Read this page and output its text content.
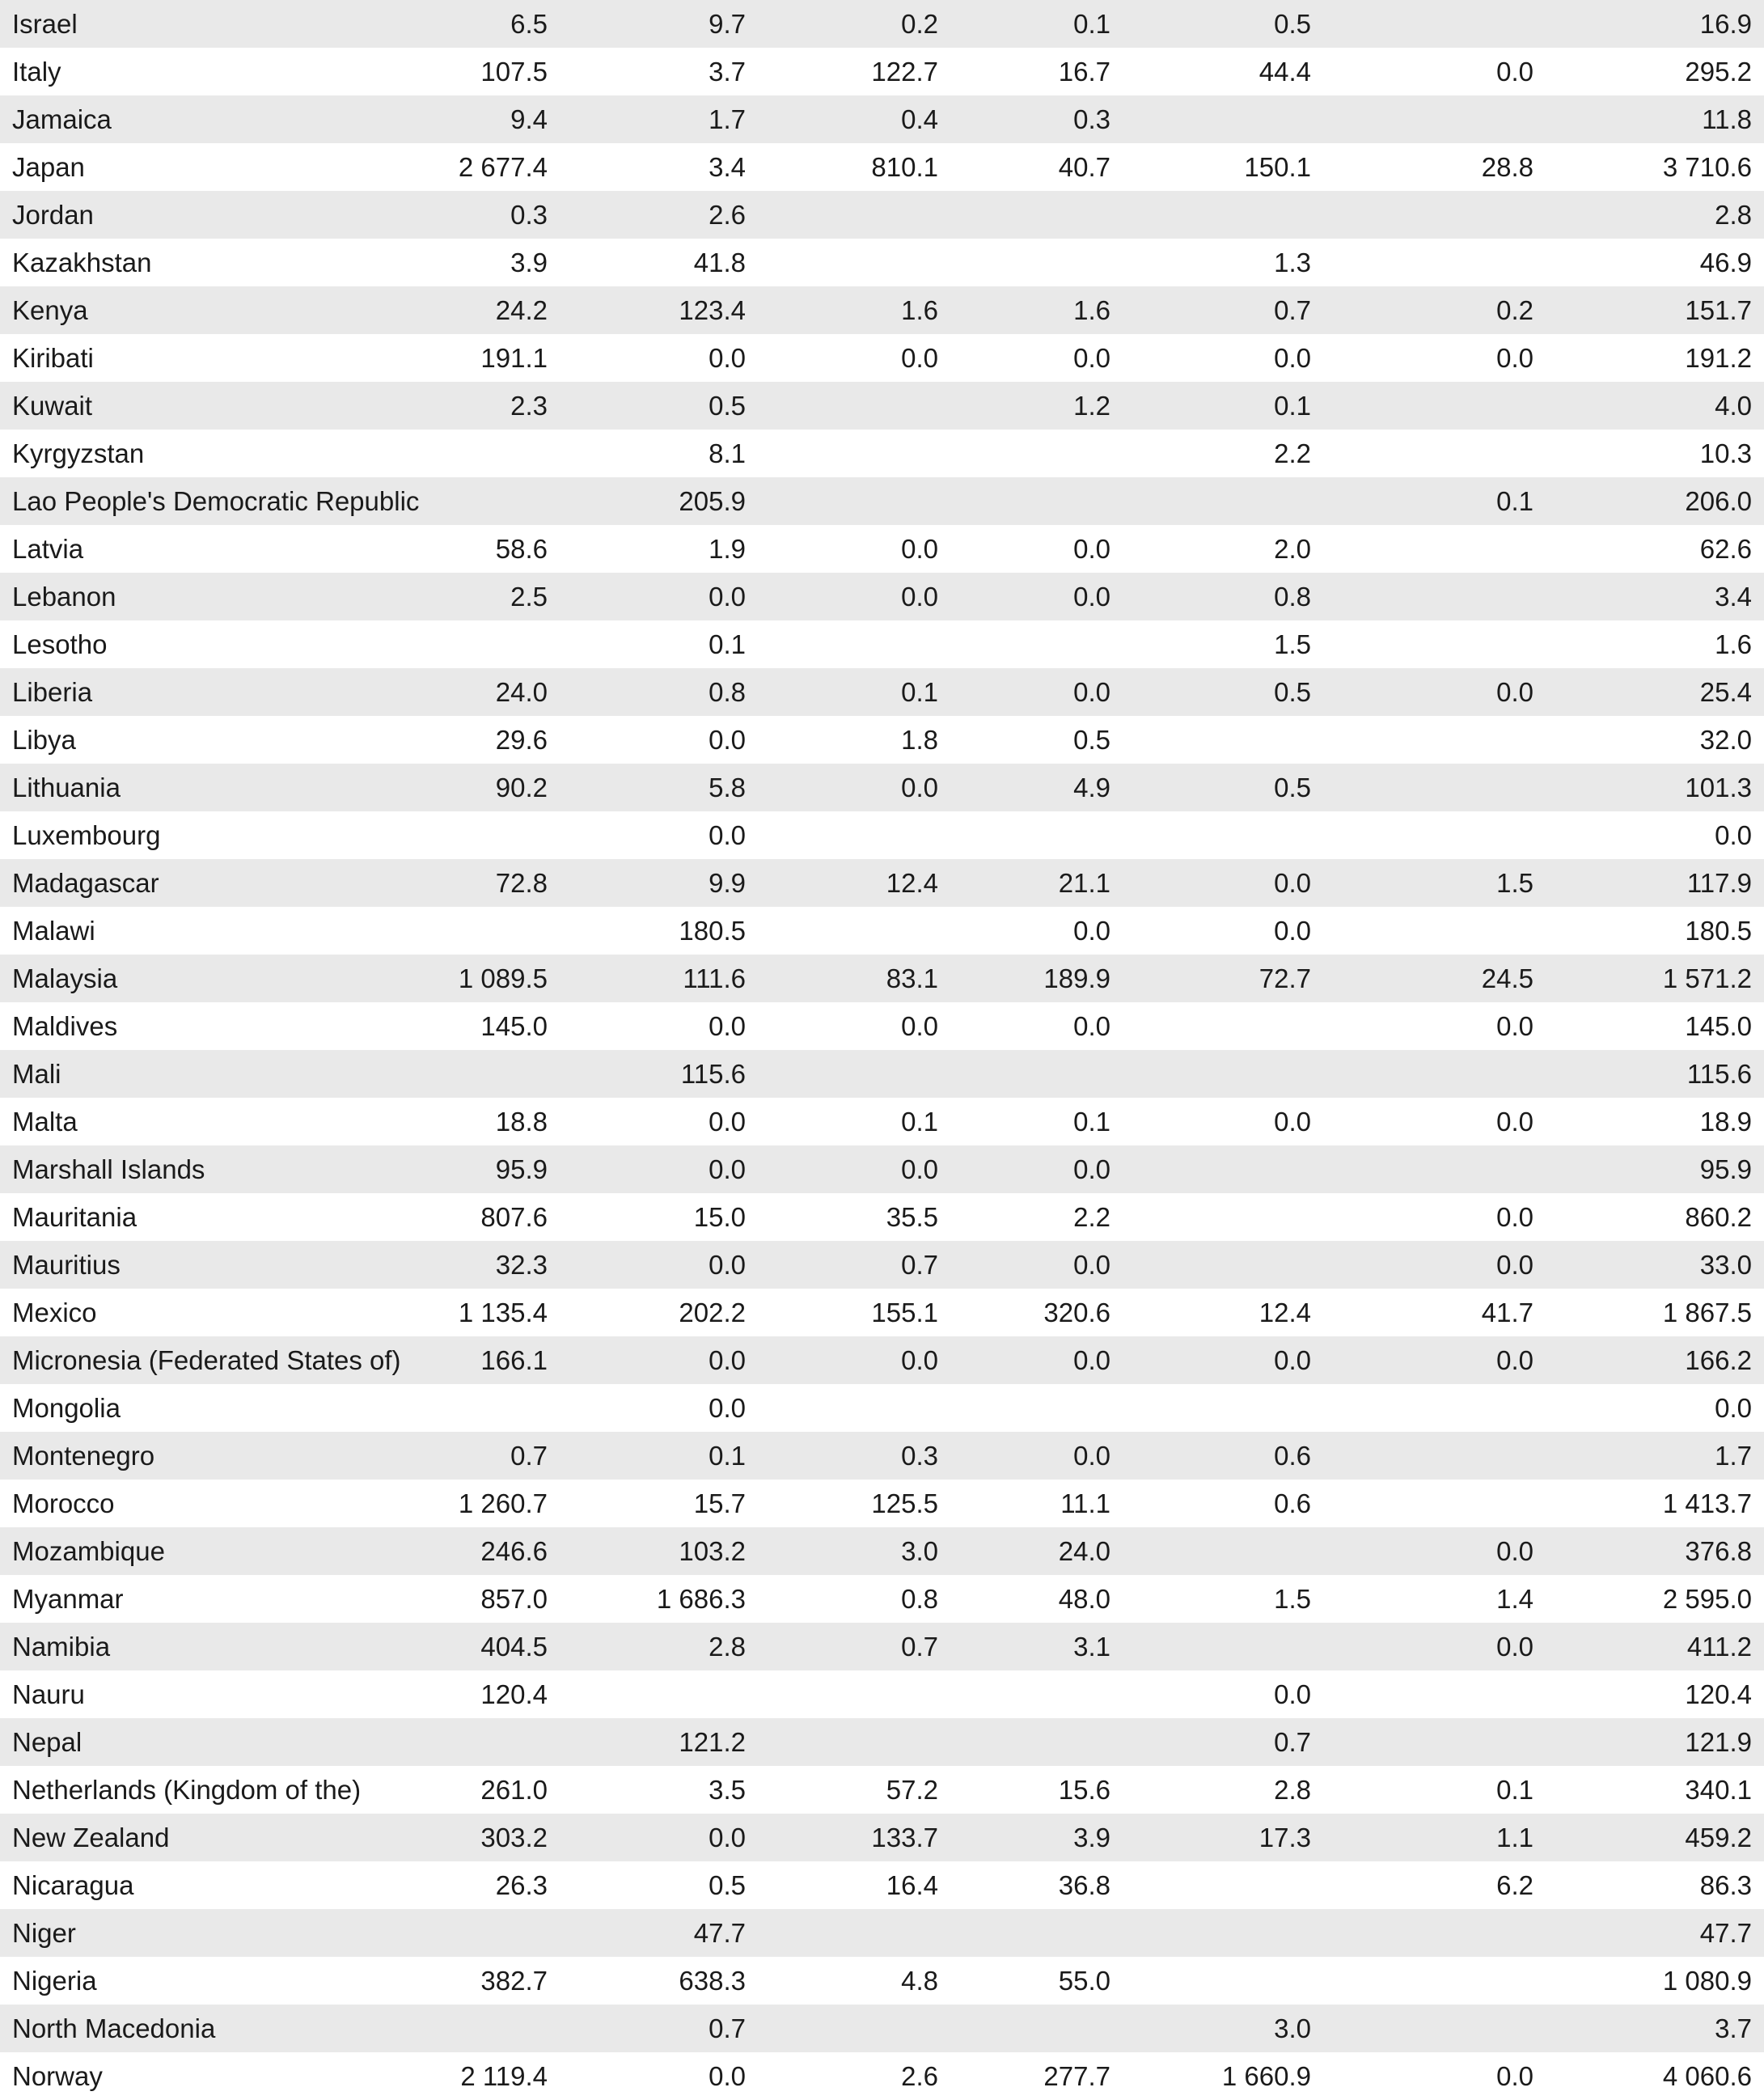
Israel	6.5	9.7	0.2	0.1	0.5		16.9
Italy	107.5	3.7	122.7	16.7	44.4	0.0	295.2
Jamaica	9.4	1.7	0.4	0.3			11.8
Japan	2 677.4	3.4	810.1	40.7	150.1	28.8	3 710.6
Jordan	0.3	2.6					2.8
Kazakhstan	3.9	41.8			1.3		46.9
Kenya	24.2	123.4	1.6	1.6	0.7	0.2	151.7
Kiribati	191.1	0.0	0.0	0.0	0.0	0.0	191.2
Kuwait	2.3	0.5		1.2	0.1		4.0
Kyrgyzstan		8.1			2.2		10.3
Lao People's Democratic Republic		205.9				0.1	206.0
Latvia	58.6	1.9	0.0	0.0	2.0		62.6
Lebanon	2.5	0.0	0.0	0.0	0.8		3.4
Lesotho		0.1			1.5		1.6
Liberia	24.0	0.8	0.1	0.0	0.5	0.0	25.4
Libya	29.6	0.0	1.8	0.5			32.0
Lithuania	90.2	5.8	0.0	4.9	0.5		101.3
Luxembourg		0.0					0.0
Madagascar	72.8	9.9	12.4	21.1	0.0	1.5	117.9
Malawi		180.5		0.0	0.0		180.5
Malaysia	1 089.5	111.6	83.1	189.9	72.7	24.5	1 571.2
Maldives	145.0	0.0	0.0	0.0		0.0	145.0
Mali		115.6					115.6
Malta	18.8	0.0	0.1	0.1	0.0	0.0	18.9
Marshall Islands	95.9	0.0	0.0	0.0			95.9
Mauritania	807.6	15.0	35.5	2.2		0.0	860.2
Mauritius	32.3	0.0	0.7	0.0		0.0	33.0
Mexico	1 135.4	202.2	155.1	320.6	12.4	41.7	1 867.5
Micronesia (Federated States of)	166.1	0.0	0.0	0.0	0.0	0.0	166.2
Mongolia		0.0					0.0
Montenegro	0.7	0.1	0.3	0.0	0.6		1.7
Morocco	1 260.7	15.7	125.5	11.1	0.6		1 413.7
Mozambique	246.6	103.2	3.0	24.0		0.0	376.8
Myanmar	857.0	1 686.3	0.8	48.0	1.5	1.4	2 595.0
Namibia	404.5	2.8	0.7	3.1		0.0	411.2
Nauru	120.4				0.0		120.4
Nepal		121.2			0.7		121.9
Netherlands (Kingdom of the)	261.0	3.5	57.2	15.6	2.8	0.1	340.1
New Zealand	303.2	0.0	133.7	3.9	17.3	1.1	459.2
Nicaragua	26.3	0.5	16.4	36.8		6.2	86.3
Niger		47.7					47.7
Nigeria	382.7	638.3	4.8	55.0			1 080.9
North Macedonia		0.7			3.0		3.7
Norway	2 119.4	0.0	2.6	277.7	1 660.9	0.0	4 060.6
